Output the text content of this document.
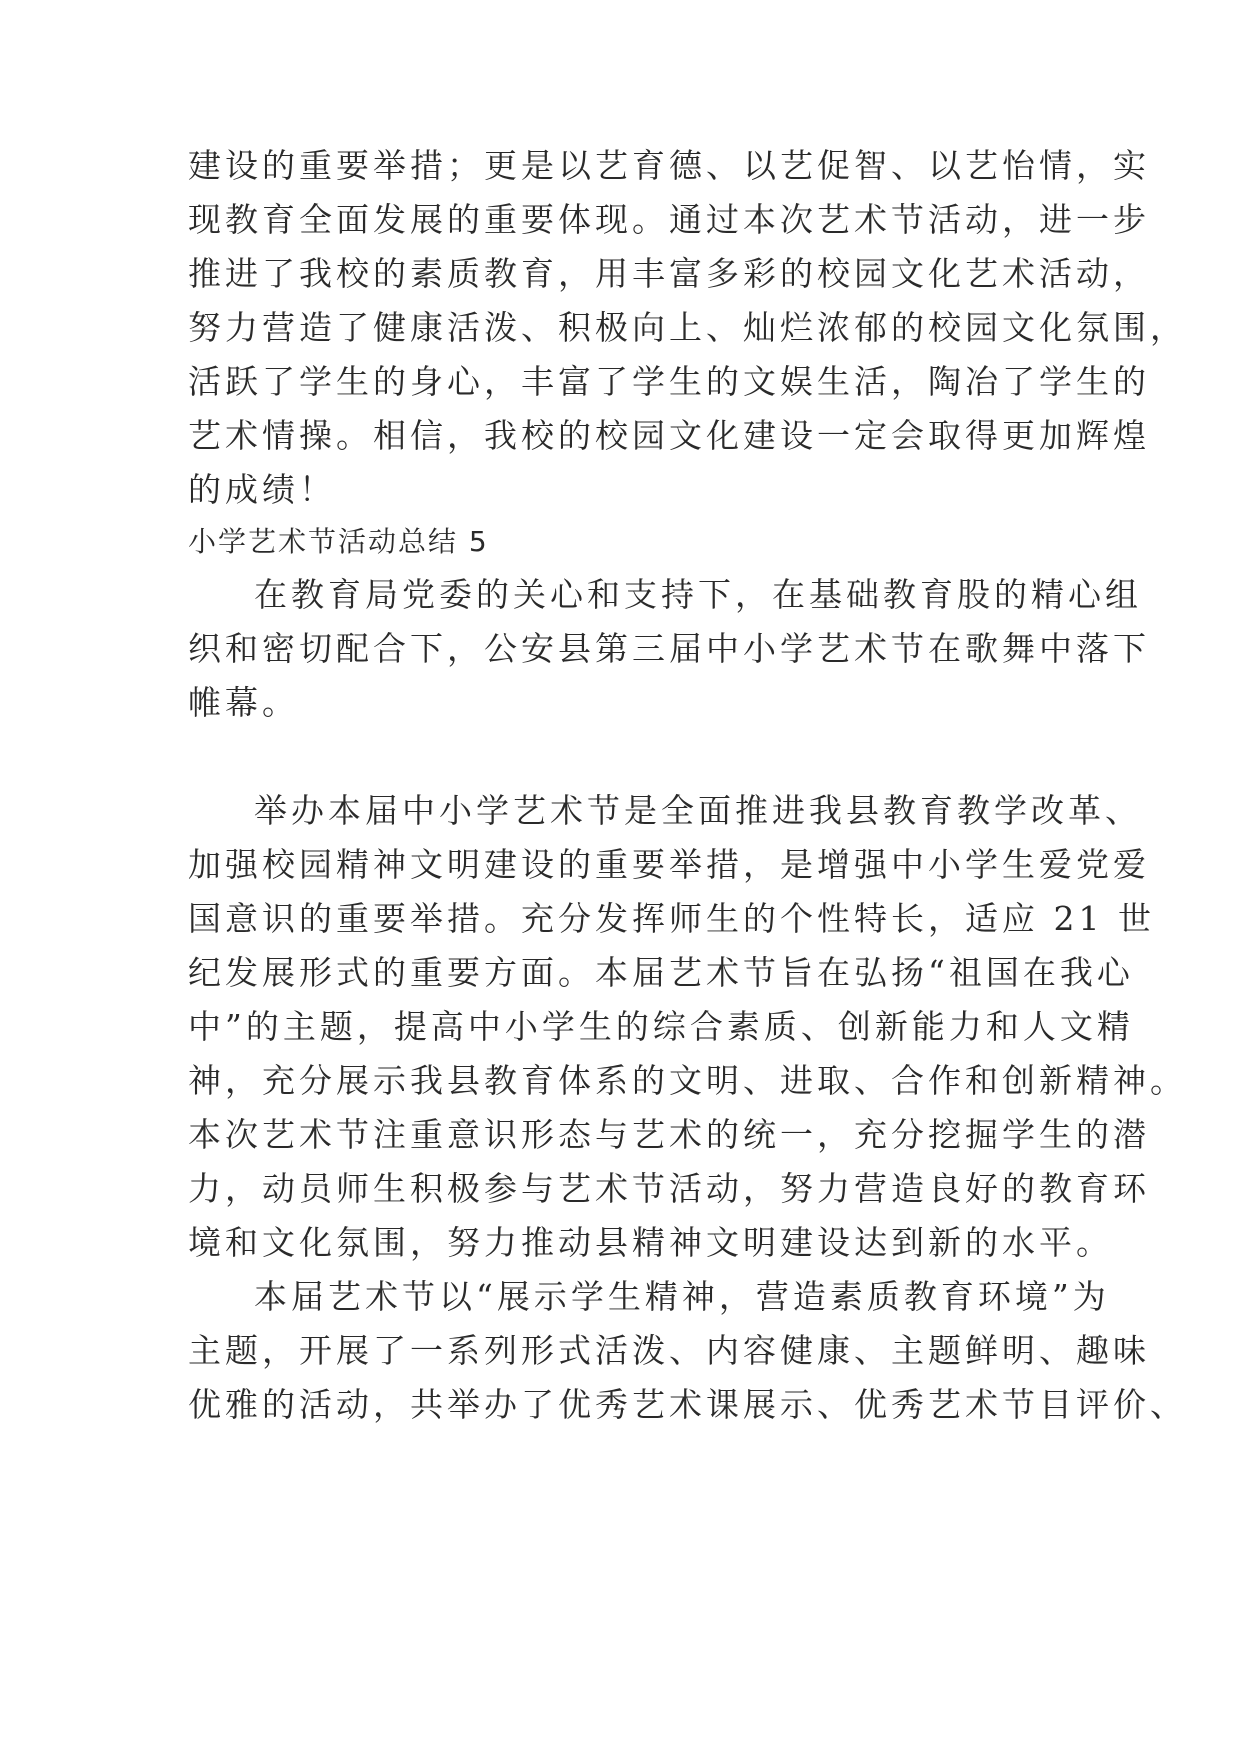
建设的重要举措；更是以艺育德、以艺促智、以艺怡情，实
现教育全面发展的重要体现。通过本次艺术节活动，进一步
推进了我校的素质教育，用丰富多彩的校园文化艺术活动，
努力营造了健康活泼、积极向上、灿烂浓郁的校园文化氛围，
活跃了学生的身心，丰富了学生的文娱生活，陶冶了学生的
艺术情操。相信，我校的校园文化建设一定会取得更加辉煌
的成绩！
小学艺术节活动总结 5
在教育局党委的关心和支持下，在基础教育股的精心组
织和密切配合下，公安县第三届中小学艺术节在歌舞中落下
帷幕。
举办本届中小学艺术节是全面推进我县教育教学改革、
加强校园精神文明建设的重要举措，是增强中小学生爱党爱
国意识的重要举措。充分发挥师生的个性特长，适应 21 世
纪发展形式的重要方面。本届艺术节旨在弘扬“祖国在我心
中”的主题，提高中小学生的综合素质、创新能力和人文精
神，充分展示我县教育体系的文明、进取、合作和创新精神。
本次艺术节注重意识形态与艺术的统一，充分挖掘学生的潜
力，动员师生积极参与艺术节活动，努力营造良好的教育环
境和文化氛围，努力推动县精神文明建设达到新的水平。
本届艺术节以“展示学生精神，营造素质教育环境”为
主题，开展了一系列形式活泼、内容健康、主题鲜明、趣味
优雅的活动，共举办了优秀艺术课展示、优秀艺术节目评价、
